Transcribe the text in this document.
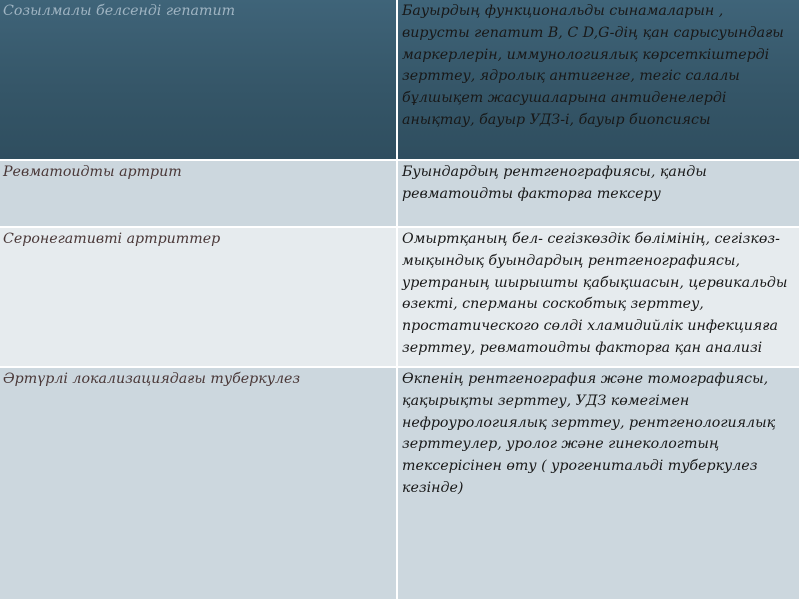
Созылмалы белсенді гепатит	Бауырдың функциональды сынамаларын , вирусты гепатит B, C D,G-дің қан сарысуындағы маркерлерін, иммунологиялық көрсеткіштерді зерттеу, ядролық антигенге, тегіс салалы бұлшықет жасушаларына антиденелерді анықтау, бауыр УДЗ-і, бауыр биопсиясы

Ревматоидты артрит	Буындардың рентгенографиясы, қанды ревматоидты факторға тексеру

Серонегативті артриттер	Омыртқаның бел- сегізкөздік бөлімінің, сегізкөз-мықындық буындардың рентгенографиясы, уретраның шырышты қабықшасын, цервикальды өзекті, сперманы соскобтық зерттеу, простатического сөлді хламидийлік инфекцияға зерттеу, ревматоидты факторға қан анализі

Әртүрлі локализациядағы туберкулез	Өкпенің рентгенография және томографиясы, қақырықты зерттеу, УДЗ көмегімен нефроурологиялық зерттеу, рентгенологиялық зерттеулер, уролог және гинекологтың тексерісінен өту ( урогенитальді туберкулез кезінде)
